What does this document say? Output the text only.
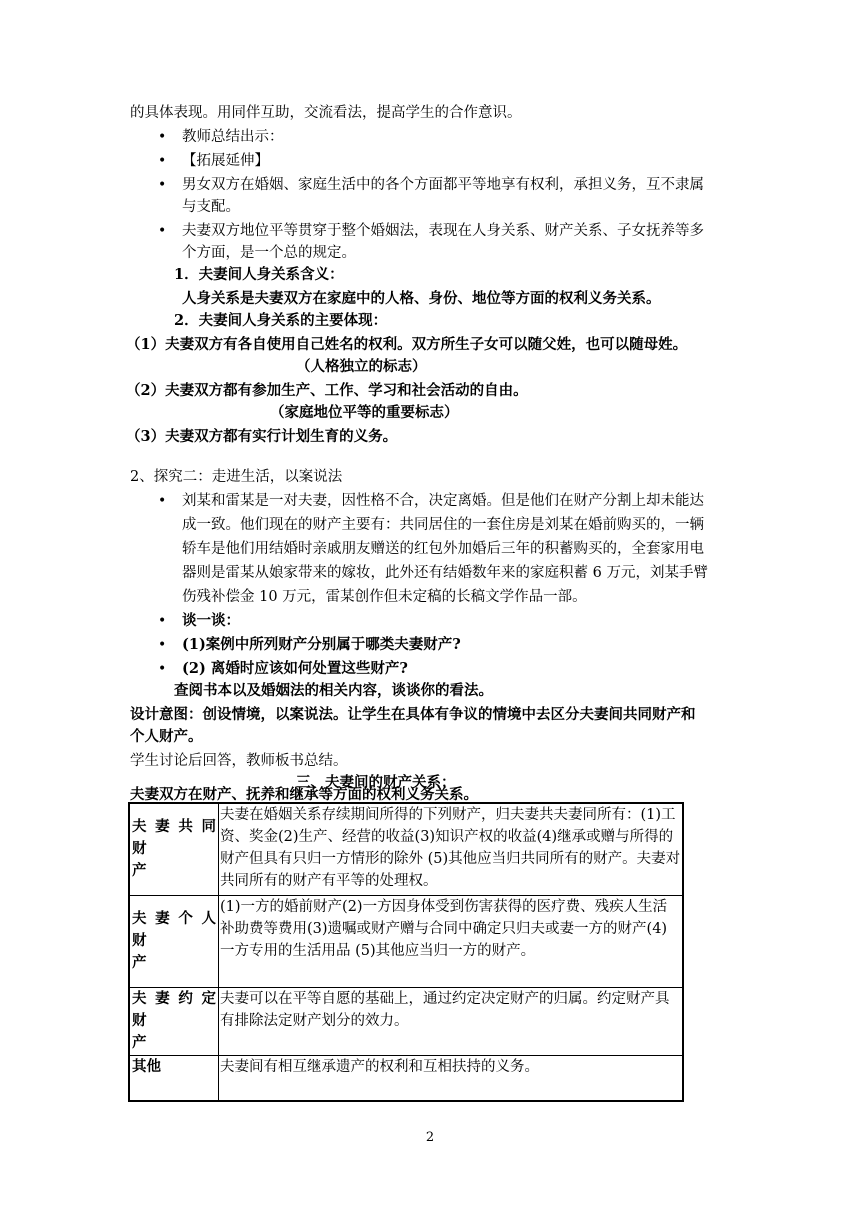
的具体表现。用同伴互助，交流看法，提高学生的合作意识。
• 教师总结出示：
• 【拓展延伸】
• 男女双方在婚姻、家庭生活中的各个方面都平等地享有权利，承担义务，互不隶属
与支配。
• 夫妻双方地位平等贯穿于整个婚姻法，表现在人身关系、财产关系、子女抚养等多
个方面，是一个总的规定。
1．夫妻间人身关系含义：
人身关系是夫妻双方在家庭中的人格、身份、地位等方面的权利义务关系。
2．夫妻间人身关系的主要体现：
（1）夫妻双方有各自使用自己姓名的权利。双方所生子女可以随父姓，也可以随母姓。
（人格独立的标志）
（2）夫妻双方都有参加生产、工作、学习和社会活动的自由。
（家庭地位平等的重要标志）
（3）夫妻双方都有实行计划生育的义务。
2、探究二：走进生活，以案说法
• 刘某和雷某是一对夫妻，因性格不合，决定离婚。但是他们在财产分割上却未能达
成一致。他们现在的财产主要有：共同居住的一套住房是刘某在婚前购买的，一辆
轿车是他们用结婚时亲戚朋友赠送的红包外加婚后三年的积蓄购买的，全套家用电
器则是雷某从娘家带来的嫁妆，此外还有结婚数年来的家庭积蓄 6 万元，刘某手臂
伤残补偿金 10 万元，雷某创作但未定稿的长稿文学作品一部。
• 谈一谈：
• (1)案例中所列财产分别属于哪类夫妻财产?
• (2) 离婚时应该如何处置这些财产?
查阅书本以及婚姻法的相关内容，谈谈你的看法。
设计意图：创设情境，以案说法。让学生在具体有争议的情境中去区分夫妻间共同财产和
个人财产。
学生讨论后回答，教师板书总结。
三、夫妻间的财产关系：
夫妻双方在财产、抚养和继承等方面的权利义务关系。
夫 妻 共 同 财
产	夫妻在婚姻关系存续期间所得的下列财产，归夫妻共夫妻同所有：(1)工资、奖金(2)生产、经营的收益(3)知识产权的收益(4)继承或赠与所得的财产但具有只归一方情形的除外 (5)其他应当归共同所有的财产。夫妻对共同所有的财产有平等的处理权。

夫 妻 个 人 财
产	(1)一方的婚前财产(2)一方因身体受到伤害获得的医疗费、残疾人生活补助费等费用(3)遗嘱或财产赠与合同中确定只归夫或妻一方的财产(4)一方专用的生活用品 (5)其他应当归一方的财产。

夫 妻 约 定 财
产	夫妻可以在平等自愿的基础上，通过约定决定财产的归属。约定财产具有排除法定财产划分的效力。

其他	夫妻间有相互继承遗产的权利和互相扶持的义务。
2
